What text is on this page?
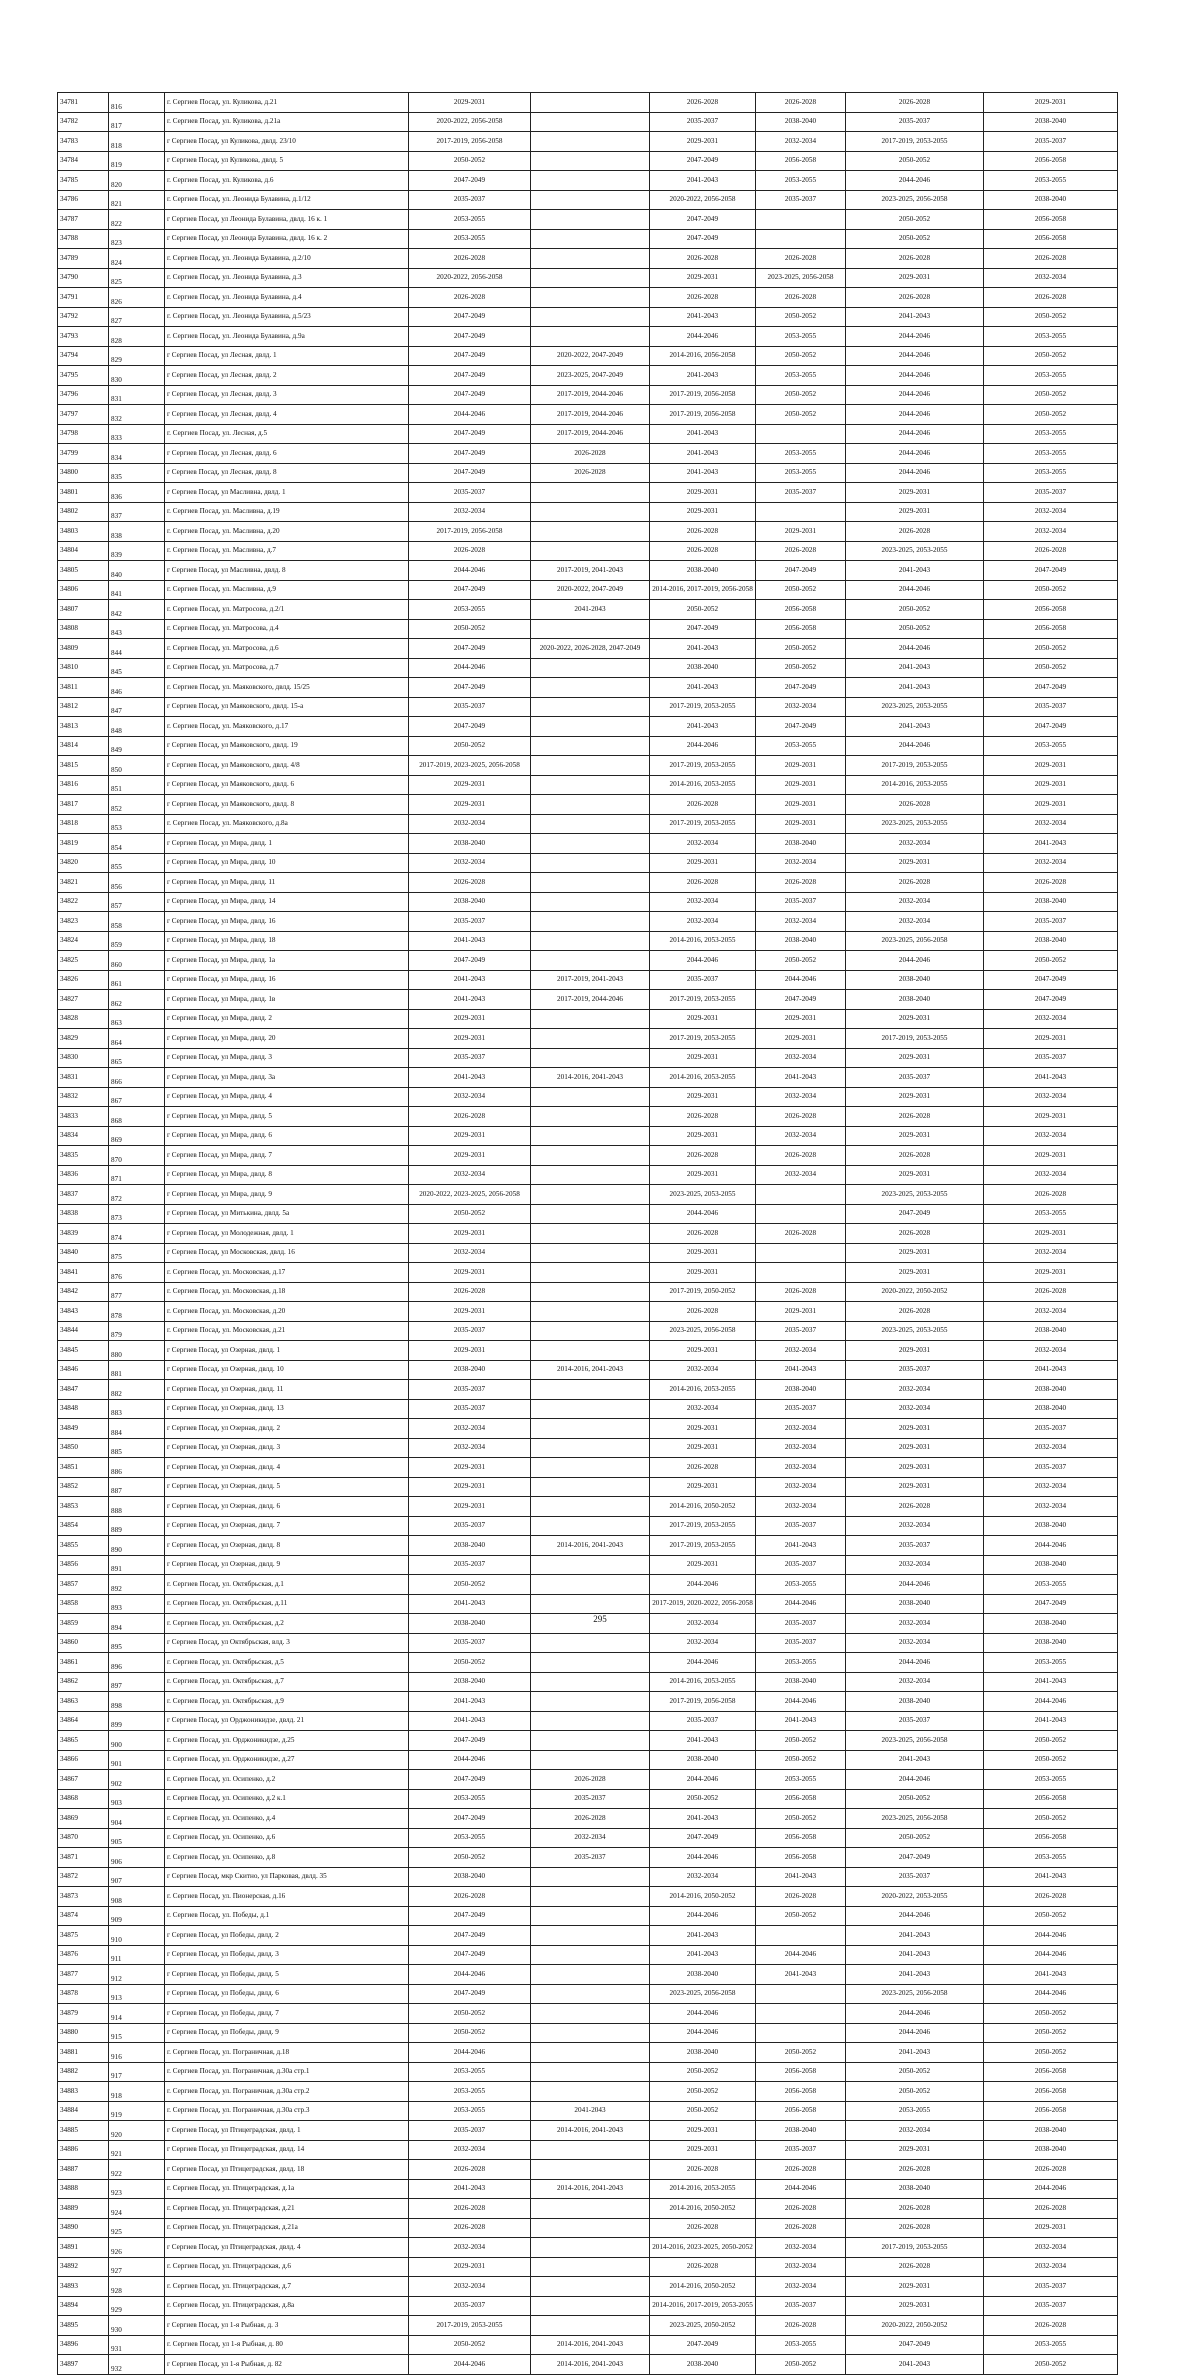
34781	816	г. Сергиев Посад, ул. Куликова, д.21	2029-2031		2026-2028	2026-2028	2026-2028	2029-2031
34782	817	г. Сергиев Посад, ул. Куликова, д.21а	2020-2022, 2056-2058		2035-2037	2038-2040	2035-2037	2038-2040
34783	818	г Сергиев Посад, ул Куликова, двлд. 23/10	2017-2019, 2056-2058		2029-2031	2032-2034	2017-2019, 2053-2055	2035-2037
34784	819	г Сергиев Посад, ул Куликова, двлд. 5	2050-2052		2047-2049	2056-2058	2050-2052	2056-2058
34785	820	г. Сергиев Посад, ул. Куликова, д.6	2047-2049		2041-2043	2053-2055	2044-2046	2053-2055
34786	821	г. Сергиев Посад, ул. Леонида Булавина, д.1/12	2035-2037		2020-2022, 2056-2058	2035-2037	2023-2025, 2056-2058	2038-2040
34787	822	г Сергиев Посад, ул Леонида Булавина, двлд. 16 к. 1	2053-2055		2047-2049		2050-2052	2056-2058
34788	823	г Сергиев Посад, ул Леонида Булавина, двлд. 16 к. 2	2053-2055		2047-2049		2050-2052	2056-2058
34789	824	г. Сергиев Посад, ул. Леонида Булавина, д.2/10	2026-2028		2026-2028	2026-2028	2026-2028	2026-2028
34790	825	г. Сергиев Посад, ул. Леонида Булавина, д.3	2020-2022, 2056-2058		2029-2031	2023-2025, 2056-2058	2029-2031	2032-2034
34791	826	г. Сергиев Посад, ул. Леонида Булавина, д.4	2026-2028		2026-2028	2026-2028	2026-2028	2026-2028
34792	827	г. Сергиев Посад, ул. Леонида Булавина, д.5/23	2047-2049		2041-2043	2050-2052	2041-2043	2050-2052
34793	828	г. Сергиев Посад, ул. Леонида Булавина, д.9а	2047-2049		2044-2046	2053-2055	2044-2046	2053-2055
34794	829	г Сергиев Посад, ул Лесная, двлд. 1	2047-2049	2020-2022, 2047-2049	2014-2016, 2056-2058	2050-2052	2044-2046	2050-2052
34795	830	г Сергиев Посад, ул Лесная, двлд. 2	2047-2049	2023-2025, 2047-2049	2041-2043	2053-2055	2044-2046	2053-2055
34796	831	г Сергиев Посад, ул Лесная, двлд. 3	2047-2049	2017-2019, 2044-2046	2017-2019, 2056-2058	2050-2052	2044-2046	2050-2052
34797	832	г Сергиев Посад, ул Лесная, двлд. 4	2044-2046	2017-2019, 2044-2046	2017-2019, 2056-2058	2050-2052	2044-2046	2050-2052
34798	833	г. Сергиев Посад, ул. Лесная, д.5	2047-2049	2017-2019, 2044-2046	2041-2043		2044-2046	2053-2055
34799	834	г Сергиев Посад, ул Лесная, двлд. 6	2047-2049	2026-2028	2041-2043	2053-2055	2044-2046	2053-2055
34800	835	г Сергиев Посад, ул Лесная, двлд. 8	2047-2049	2026-2028	2041-2043	2053-2055	2044-2046	2053-2055
34801	836	г Сергиев Посад, ул Масливна, двлд. 1	2035-2037		2029-2031	2035-2037	2029-2031	2035-2037
34802	837	г. Сергиев Посад, ул. Масливна, д.19	2032-2034		2029-2031		2029-2031	2032-2034
34803	838	г. Сергиев Посад, ул. Масливна, д.20	2017-2019, 2056-2058		2026-2028	2029-2031	2026-2028	2032-2034
34804	839	г. Сергиев Посад, ул. Масливна, д.7	2026-2028		2026-2028	2026-2028	2023-2025, 2053-2055	2026-2028
34805	840	г Сергиев Посад, ул Масливна, двлд. 8	2044-2046	2017-2019, 2041-2043	2038-2040	2047-2049	2041-2043	2047-2049
34806	841	г. Сергиев Посад, ул. Масливна, д.9	2047-2049	2020-2022, 2047-2049	2014-2016, 2017-2019, 2056-2058	2050-2052	2044-2046	2050-2052
34807	842	г. Сергиев Посад, ул. Матросова, д.2/1	2053-2055	2041-2043	2050-2052	2056-2058	2050-2052	2056-2058
34808	843	г. Сергиев Посад, ул. Матросова, д.4	2050-2052		2047-2049	2056-2058	2050-2052	2056-2058
34809	844	г. Сергиев Посад, ул. Матросова, д.6	2047-2049	2020-2022, 2026-2028, 2047-2049	2041-2043	2050-2052	2044-2046	2050-2052
34810	845	г. Сергиев Посад, ул. Матросова, д.7	2044-2046		2038-2040	2050-2052	2041-2043	2050-2052
34811	846	г. Сергиев Посад, ул. Маяковского, двлд. 15/25	2047-2049		2041-2043	2047-2049	2041-2043	2047-2049
34812	847	г Сергиев Посад, ул Маяковского, двлд. 15-а	2035-2037		2017-2019, 2053-2055	2032-2034	2023-2025, 2053-2055	2035-2037
34813	848	г. Сергиев Посад, ул. Маяковского, д.17	2047-2049		2041-2043	2047-2049	2041-2043	2047-2049
34814	849	г Сергиев Посад, ул Маяковского, двлд. 19	2050-2052		2044-2046	2053-2055	2044-2046	2053-2055
34815	850	г Сергиев Посад, ул Маяковского, двлд. 4/8	2017-2019, 2023-2025, 2056-2058		2017-2019, 2053-2055	2029-2031	2017-2019, 2053-2055	2029-2031
34816	851	г Сергиев Посад, ул Маяковского, двлд. 6	2029-2031		2014-2016, 2053-2055	2029-2031	2014-2016, 2053-2055	2029-2031
34817	852	г Сергиев Посад, ул Маяковского, двлд. 8	2029-2031		2026-2028	2029-2031	2026-2028	2029-2031
34818	853	г. Сергиев Посад, ул. Маяковского, д.8а	2032-2034		2017-2019, 2053-2055	2029-2031	2023-2025, 2053-2055	2032-2034
34819	854	г Сергиев Посад, ул Мира, двлд. 1	2038-2040		2032-2034	2038-2040	2032-2034	2041-2043
34820	855	г Сергиев Посад, ул Мира, двлд. 10	2032-2034		2029-2031	2032-2034	2029-2031	2032-2034
34821	856	г Сергиев Посад, ул Мира, двлд. 11	2026-2028		2026-2028	2026-2028	2026-2028	2026-2028
34822	857	г Сергиев Посад, ул Мира, двлд. 14	2038-2040		2032-2034	2035-2037	2032-2034	2038-2040
34823	858	г Сергиев Посад, ул Мира, двлд. 16	2035-2037		2032-2034	2032-2034	2032-2034	2035-2037
34824	859	г Сергиев Посад, ул Мира, двлд. 18	2041-2043		2014-2016, 2053-2055	2038-2040	2023-2025, 2056-2058	2038-2040
34825	860	г Сергиев Посад, ул Мира, двлд. 1а	2047-2049		2044-2046	2050-2052	2044-2046	2050-2052
34826	861	г Сергиев Посад, ул Мира, двлд. 16	2041-2043	2017-2019, 2041-2043	2035-2037	2044-2046	2038-2040	2047-2049
34827	862	г Сергиев Посад, ул Мира, двлд. 1в	2041-2043	2017-2019, 2044-2046	2017-2019, 2053-2055	2047-2049	2038-2040	2047-2049
34828	863	г Сергиев Посад, ул Мира, двлд. 2	2029-2031		2029-2031	2029-2031	2029-2031	2032-2034
34829	864	г Сергиев Посад, ул Мира, двлд. 20	2029-2031		2017-2019, 2053-2055	2029-2031	2017-2019, 2053-2055	2029-2031
34830	865	г Сергиев Посад, ул Мира, двлд. 3	2035-2037		2029-2031	2032-2034	2029-2031	2035-2037
34831	866	г Сергиев Посад, ул Мира, двлд. 3а	2041-2043	2014-2016, 2041-2043	2014-2016, 2053-2055	2041-2043	2035-2037	2041-2043
34832	867	г Сергиев Посад, ул Мира, двлд. 4	2032-2034		2029-2031	2032-2034	2029-2031	2032-2034
34833	868	г Сергиев Посад, ул Мира, двлд. 5	2026-2028		2026-2028	2026-2028	2026-2028	2029-2031
34834	869	г Сергиев Посад, ул Мира, двлд. 6	2029-2031		2029-2031	2032-2034	2029-2031	2032-2034
34835	870	г Сергиев Посад, ул Мира, двлд. 7	2029-2031		2026-2028	2026-2028	2026-2028	2029-2031
34836	871	г Сергиев Посад, ул Мира, двлд. 8	2032-2034		2029-2031	2032-2034	2029-2031	2032-2034
34837	872	г Сергиев Посад, ул Мира, двлд. 9	2020-2022, 2023-2025, 2056-2058		2023-2025, 2053-2055		2023-2025, 2053-2055	2026-2028
34838	873	г Сергиев Посад, ул Митькина, двлд. 5а	2050-2052		2044-2046		2047-2049	2053-2055
34839	874	г Сергиев Посад, ул Молодежная, двлд. 1	2029-2031		2026-2028	2026-2028	2026-2028	2029-2031
34840	875	г Сергиев Посад, ул Московская, двлд. 16	2032-2034		2029-2031		2029-2031	2032-2034
34841	876	г. Сергиев Посад, ул. Московская, д.17	2029-2031		2029-2031		2029-2031	2029-2031
34842	877	г. Сергиев Посад, ул. Московская, д.18	2026-2028		2017-2019, 2050-2052	2026-2028	2020-2022, 2050-2052	2026-2028
34843	878	г. Сергиев Посад, ул. Московская, д.20	2029-2031		2026-2028	2029-2031	2026-2028	2032-2034
34844	879	г. Сергиев Посад, ул. Московская, д.21	2035-2037		2023-2025, 2056-2058	2035-2037	2023-2025, 2053-2055	2038-2040
34845	880	г Сергиев Посад, ул Озерная, двлд. 1	2029-2031		2029-2031	2032-2034	2029-2031	2032-2034
34846	881	г Сергиев Посад, ул Озерная, двлд. 10	2038-2040	2014-2016, 2041-2043	2032-2034	2041-2043	2035-2037	2041-2043
34847	882	г Сергиев Посад, ул Озерная, двлд. 11	2035-2037		2014-2016, 2053-2055	2038-2040	2032-2034	2038-2040
34848	883	г Сергиев Посад, ул Озерная, двлд. 13	2035-2037		2032-2034	2035-2037	2032-2034	2038-2040
34849	884	г Сергиев Посад, ул Озерная, двлд. 2	2032-2034		2029-2031	2032-2034	2029-2031	2035-2037
34850	885	г Сергиев Посад, ул Озерная, двлд. 3	2032-2034		2029-2031	2032-2034	2029-2031	2032-2034
34851	886	г Сергиев Посад, ул Озерная, двлд. 4	2029-2031		2026-2028	2032-2034	2029-2031	2035-2037
34852	887	г Сергиев Посад, ул Озерная, двлд. 5	2029-2031		2029-2031	2032-2034	2029-2031	2032-2034
34853	888	г Сергиев Посад, ул Озерная, двлд. 6	2029-2031		2014-2016, 2050-2052	2032-2034	2026-2028	2032-2034
34854	889	г Сергиев Посад, ул Озерная, двлд. 7	2035-2037		2017-2019, 2053-2055	2035-2037	2032-2034	2038-2040
34855	890	г Сергиев Посад, ул Озерная, двлд. 8	2038-2040	2014-2016, 2041-2043	2017-2019, 2053-2055	2041-2043	2035-2037	2044-2046
34856	891	г Сергиев Посад, ул Озерная, двлд. 9	2035-2037		2029-2031	2035-2037	2032-2034	2038-2040
34857	892	г. Сергиев Посад, ул. Октябрьская, д.1	2050-2052		2044-2046	2053-2055	2044-2046	2053-2055
34858	893	г. Сергиев Посад, ул. Октябрьская, д.11	2041-2043		2017-2019, 2020-2022, 2056-2058	2044-2046	2038-2040	2047-2049
34859	894	г. Сергиев Посад, ул. Октябрьская, д.2	2038-2040		2032-2034	2035-2037	2032-2034	2038-2040
34860	895	г Сергиев Посад, ул Октябрьская, влд. 3	2035-2037		2032-2034	2035-2037	2032-2034	2038-2040
34861	896	г. Сергиев Посад, ул. Октябрьская, д.5	2050-2052		2044-2046	2053-2055	2044-2046	2053-2055
34862	897	г. Сергиев Посад, ул. Октябрьская, д.7	2038-2040		2014-2016, 2053-2055	2038-2040	2032-2034	2041-2043
34863	898	г. Сергиев Посад, ул. Октябрьская, д.9	2041-2043		2017-2019, 2056-2058	2044-2046	2038-2040	2044-2046
34864	899	г Сергиев Посад, ул Орджоникидзе, двлд. 21	2041-2043		2035-2037	2041-2043	2035-2037	2041-2043
34865	900	г. Сергиев Посад, ул. Орджоникидзе, д.25	2047-2049		2041-2043	2050-2052	2023-2025, 2056-2058	2050-2052
34866	901	г. Сергиев Посад, ул. Орджоникидзе, д.27	2044-2046		2038-2040	2050-2052	2041-2043	2050-2052
34867	902	г. Сергиев Посад, ул. Осипенко, д.2	2047-2049	2026-2028	2044-2046	2053-2055	2044-2046	2053-2055
34868	903	г. Сергиев Посад, ул. Осипенко, д.2 к.1	2053-2055	2035-2037	2050-2052	2056-2058	2050-2052	2056-2058
34869	904	г. Сергиев Посад, ул. Осипенко, д.4	2047-2049	2026-2028	2041-2043	2050-2052	2023-2025, 2056-2058	2050-2052
34870	905	г. Сергиев Посад, ул. Осипенко, д.6	2053-2055	2032-2034	2047-2049	2056-2058	2050-2052	2056-2058
34871	906	г. Сергиев Посад, ул. Осипенко, д.8	2050-2052	2035-2037	2044-2046	2056-2058	2047-2049	2053-2055
34872	907	г Сергиев Посад, мкр Скитно, ул Парковая, двлд. 35	2038-2040		2032-2034	2041-2043	2035-2037	2041-2043
34873	908	г. Сергиев Посад, ул. Пионерская, д.16	2026-2028		2014-2016, 2050-2052	2026-2028	2020-2022, 2053-2055	2026-2028
34874	909	г. Сергиев Посад, ул. Победы, д.1	2047-2049		2044-2046	2050-2052	2044-2046	2050-2052
34875	910	г Сергиев Посад, ул Победы, двлд. 2	2047-2049		2041-2043		2041-2043	2044-2046
34876	911	г Сергиев Посад, ул Победы, двлд. 3	2047-2049		2041-2043	2044-2046	2041-2043	2044-2046
34877	912	г Сергиев Посад, ул Победы, двлд. 5	2044-2046		2038-2040	2041-2043	2041-2043	2041-2043
34878	913	г Сергиев Посад, ул Победы, двлд. 6	2047-2049		2023-2025, 2056-2058		2023-2025, 2056-2058	2044-2046
34879	914	г Сергиев Посад, ул Победы, двлд. 7	2050-2052		2044-2046		2044-2046	2050-2052
34880	915	г Сергиев Посад, ул Победы, двлд. 9	2050-2052		2044-2046		2044-2046	2050-2052
34881	916	г. Сергиев Посад, ул. Пограничная, д.18	2044-2046		2038-2040	2050-2052	2041-2043	2050-2052
34882	917	г. Сергиев Посад, ул. Пограничная, д.30а стр.1	2053-2055		2050-2052	2056-2058	2050-2052	2056-2058
34883	918	г. Сергиев Посад, ул. Пограничная, д.30а стр.2	2053-2055		2050-2052	2056-2058	2050-2052	2056-2058
34884	919	г. Сергиев Посад, ул. Пограничная, д.30а стр.3	2053-2055	2041-2043	2050-2052	2056-2058	2053-2055	2056-2058
34885	920	г Сергиев Посад, ул Птицеградская, двлд. 1	2035-2037	2014-2016, 2041-2043	2029-2031	2038-2040	2032-2034	2038-2040
34886	921	г Сергиев Посад, ул Птицеградская, двлд. 14	2032-2034		2029-2031	2035-2037	2029-2031	2038-2040
34887	922	г Сергиев Посад, ул Птицеградская, двлд. 18	2026-2028		2026-2028	2026-2028	2026-2028	2026-2028
34888	923	г. Сергиев Посад, ул. Птицеградская, д.1а	2041-2043	2014-2016, 2041-2043	2014-2016, 2053-2055	2044-2046	2038-2040	2044-2046
34889	924	г. Сергиев Посад, ул. Птицеградская, д.21	2026-2028		2014-2016, 2050-2052	2026-2028	2026-2028	2026-2028
34890	925	г. Сергиев Посад, ул. Птицеградская, д.21а	2026-2028		2026-2028	2026-2028	2026-2028	2029-2031
34891	926	г Сергиев Посад, ул Птицеградская, двлд. 4	2032-2034		2014-2016, 2023-2025, 2050-2052	2032-2034	2017-2019, 2053-2055	2032-2034
34892	927	г. Сергиев Посад, ул. Птицеградская, д.6	2029-2031		2026-2028	2032-2034	2026-2028	2032-2034
34893	928	г. Сергиев Посад, ул. Птицеградская, д.7	2032-2034		2014-2016, 2050-2052	2032-2034	2029-2031	2035-2037
34894	929	г. Сергиев Посад, ул. Птицеградская, д.8а	2035-2037		2014-2016, 2017-2019, 2053-2055	2035-2037	2029-2031	2035-2037
34895	930	г Сергиев Посад, ул 1-я Рыбная, д. 3	2017-2019, 2053-2055		2023-2025, 2050-2052	2026-2028	2020-2022, 2050-2052	2026-2028
34896	931	г. Сергиев Посад, ул 1-я Рыбная, д. 80	2050-2052	2014-2016, 2041-2043	2047-2049	2053-2055	2047-2049	2053-2055
34897	932	г Сергиев Посад, ул 1-я Рыбная, д. 82	2044-2046	2014-2016, 2041-2043	2038-2040	2050-2052	2041-2043	2050-2052
295
